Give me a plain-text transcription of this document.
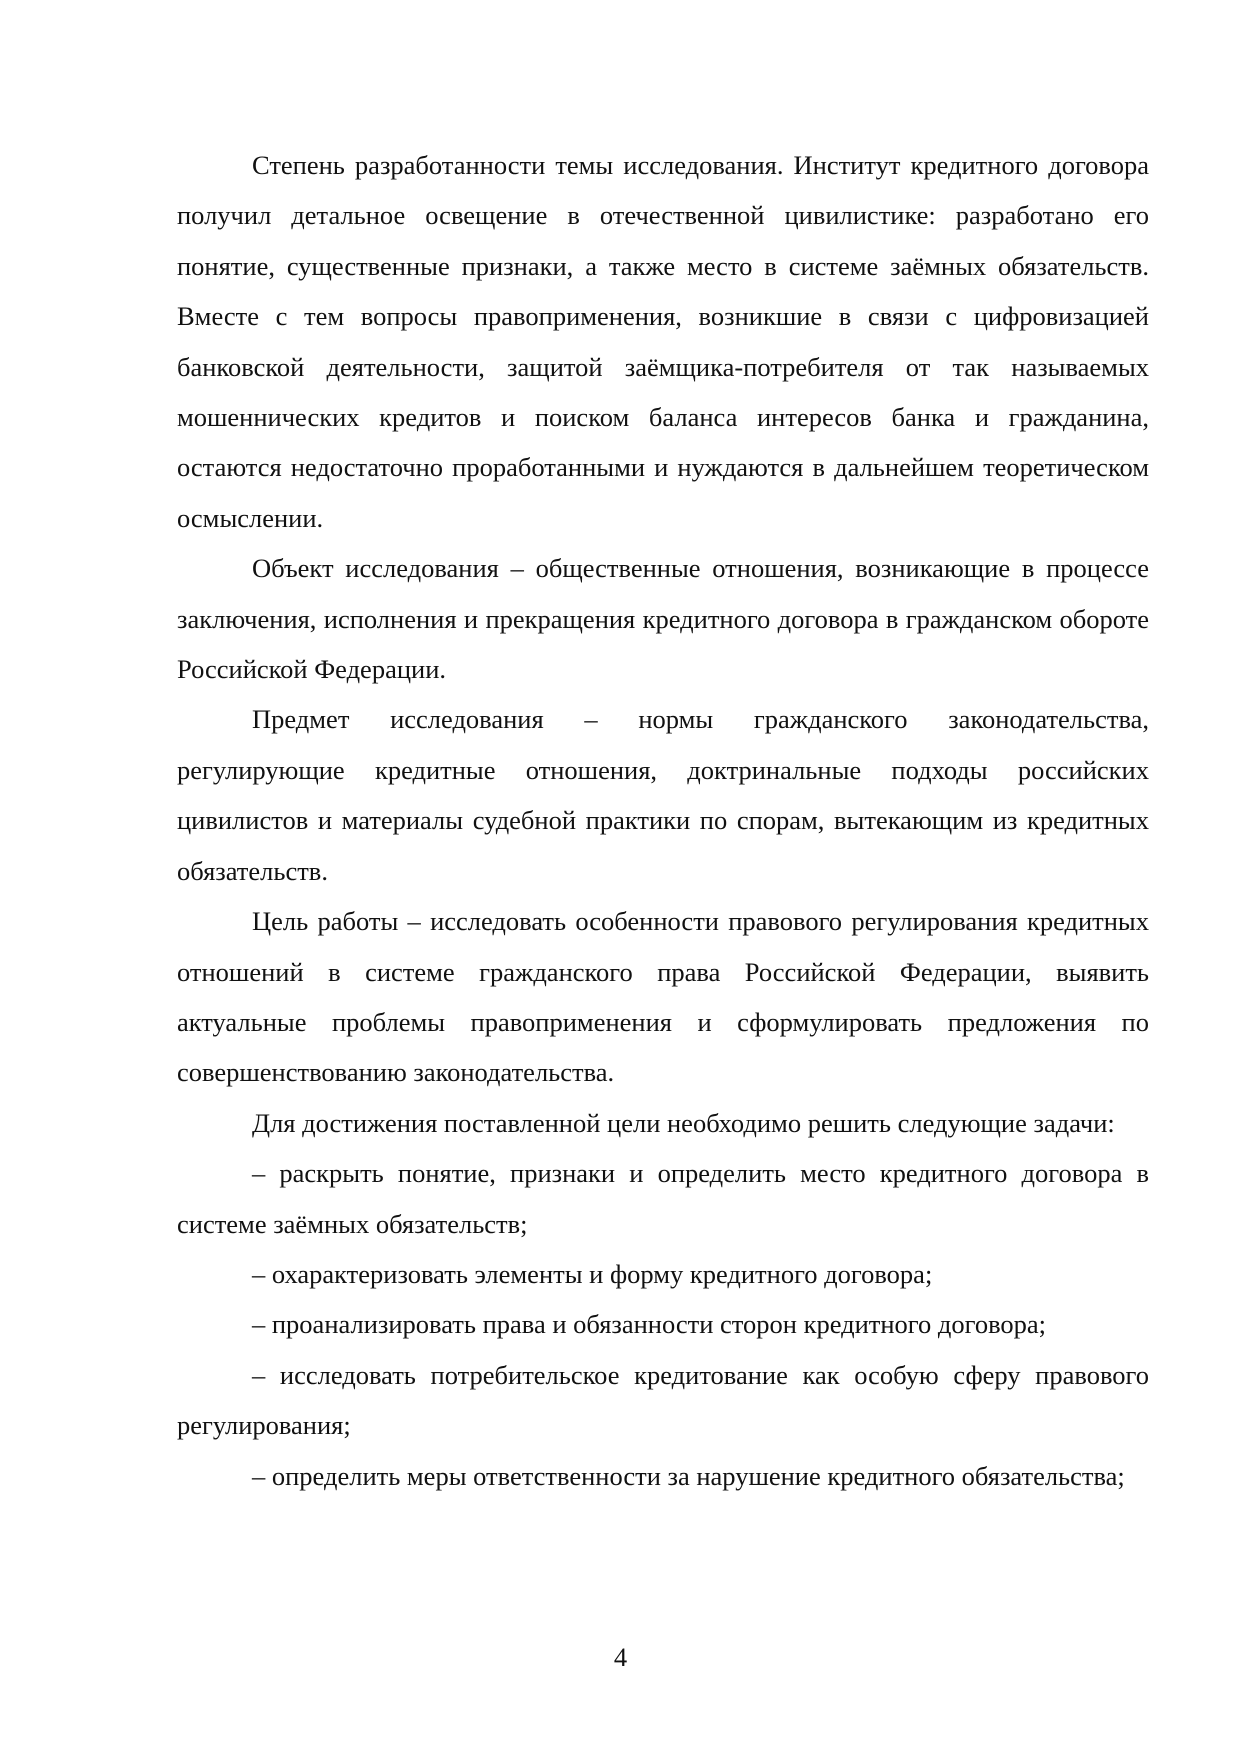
Степень разработанности темы исследования. Институт кредитного договора получил детальное освещение в отечественной цивилистике: разработано его понятие, существенные признаки, а также место в системе заёмных обязательств. Вместе с тем вопросы правоприменения, возникшие в связи с цифровизацией банковской деятельности, защитой заёмщика-потребителя от так называемых мошеннических кредитов и поиском баланса интересов банка и гражданина, остаются недостаточно проработанными и нуждаются в дальнейшем теоретическом осмыслении.

Объект исследования – общественные отношения, возникающие в процессе заключения, исполнения и прекращения кредитного договора в гражданском обороте Российской Федерации.

Предмет исследования – нормы гражданского законодательства, регулирующие кредитные отношения, доктринальные подходы российских цивилистов и материалы судебной практики по спорам, вытекающим из кредитных обязательств.

Цель работы – исследовать особенности правового регулирования кредитных отношений в системе гражданского права Российской Федерации, выявить актуальные проблемы правоприменения и сформулировать предложения по совершенствованию законодательства.

Для достижения поставленной цели необходимо решить следующие задачи:

– раскрыть понятие, признаки и определить место кредитного договора в системе заёмных обязательств;

– охарактеризовать элементы и форму кредитного договора;

– проанализировать права и обязанности сторон кредитного договора;

– исследовать потребительское кредитование как особую сферу правового регулирования;

– определить меры ответственности за нарушение кредитного обязательства;

4
